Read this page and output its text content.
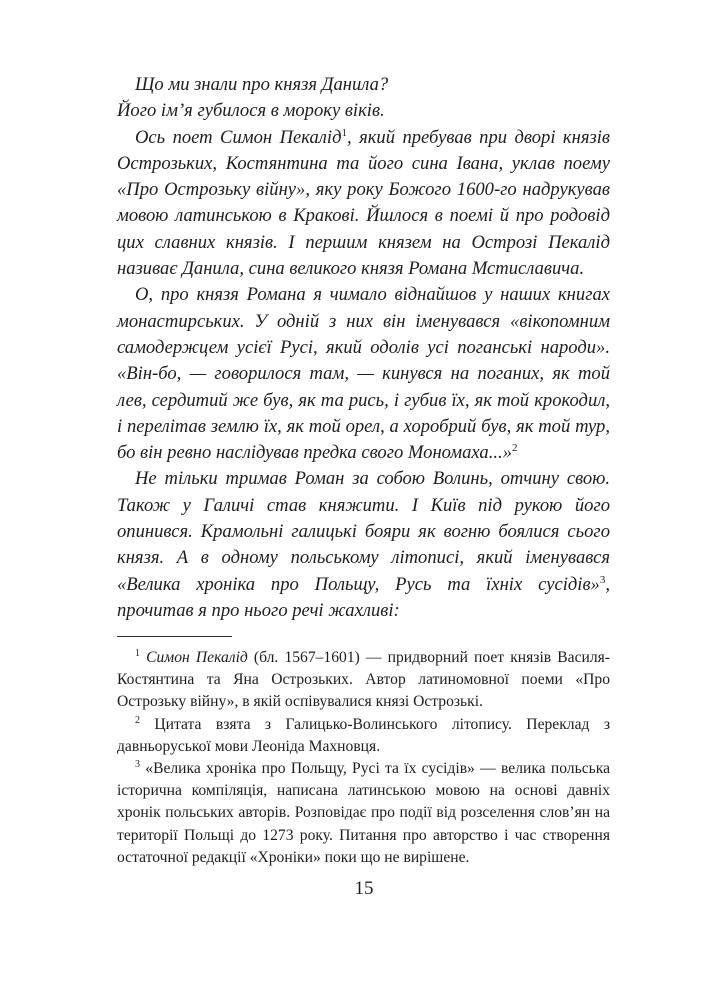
Що ми знали про князя Данила?
Його ім’я губилося в мороку віків.

Ось поет Симон Пекалід$^1$, який пребував при дворі князів Острозьких, Костянтина та його сина Івана, уклав поему «Про Острозьку війну», яку року Божого 1600-го надрукував мовою латинською в Кракові. Йшлося в поемі й про родовід цих славних князів. І першим князем на Острозі Пекалід називає Данила, сина великого князя Романа Мстиславича.

О, про князя Романа я чимало віднайшов у наших книгах монастирських. У одній з них він іменувався «вікопомним самодержцем усієї Русі, який одолів усі поганські народи». «Він-бо, — говорилося там, — кинувся на поганих, як той лев, сердитий же був, як та рись, і губив їх, як той крокодил, і перелітав землю їх, як той орел, а хоробрий був, як той тур, бо він ревно наслідував предка свого Мономаха...»$^2$

Не тільки тримав Роман за собою Волинь, отчину свою. Також у Галичі став княжити. І Київ під рукою його опинився. Крамольні галицькі бояри як вогню боялися сього князя. А в одному польському літописі, який іменувався «Велика хроніка про Польщу, Русь та їхніх сусідів»$^3$, прочитав я про нього речі жахливі:

$^1$ Симон Пекалід (бл. 1567–1601) — придворний поет князів Василя-Костянтина та Яна Острозьких. Автор латиномовної поеми «Про Острозьку війну», в якій оспівувалися князі Острозькі.

$^2$ Цитата взята з Галицько-Волинського літопису. Переклад з давньоруської мови Леоніда Махновця.

$^3$ «Велика хроніка про Польщу, Русі та їх сусідів» — велика польська історична компіляція, написана латинською мовою на основі давніх хронік польських авторів. Розповідає про події від розселення слов’ян на території Польщі до 1273 року. Питання про авторство і час створення остаточної редакції «Хроніки» поки що не вирішене.

15
